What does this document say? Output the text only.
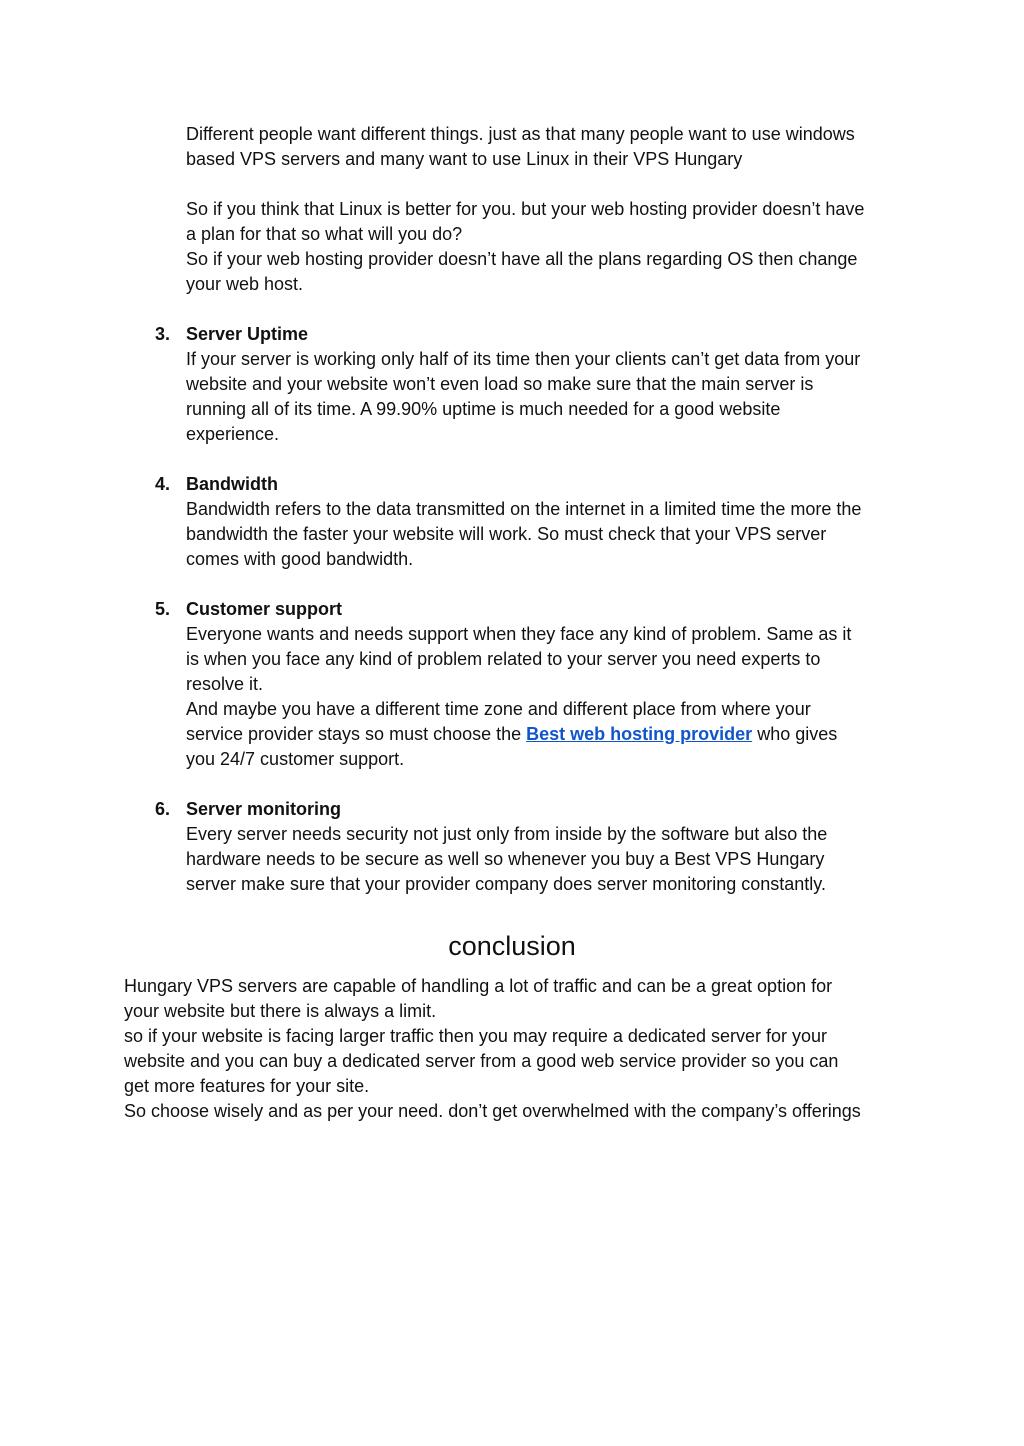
Different people want different things. just as that many people want to use windows
based VPS servers and many want to use Linux in their VPS Hungary
So if you think that Linux is better for you. but your web hosting provider doesn’t have
a plan for that so what will you do?
So if your web hosting provider doesn’t have all the plans regarding OS then change
your web host.
3. Server Uptime
If your server is working only half of its time then your clients can’t get data from your
website and your website won’t even load so make sure that the main server is
running all of its time. A 99.90% uptime is much needed for a good website
experience.
4. Bandwidth
Bandwidth refers to the data transmitted on the internet in a limited time the more the
bandwidth the faster your website will work. So must check that your VPS server
comes with good bandwidth.
5. Customer support
Everyone wants and needs support when they face any kind of problem. Same as it
is when you face any kind of problem related to your server you need experts to
resolve it.
And maybe you have a different time zone and different place from where your
service provider stays so must choose the Best web hosting provider who gives
you 24/7 customer support.
6. Server monitoring
Every server needs security not just only from inside by the software but also the
hardware needs to be secure as well so whenever you buy a Best VPS Hungary
server make sure that your provider company does server monitoring constantly.
conclusion
Hungary VPS servers are capable of handling a lot of traffic and can be a great option for
your website but there is always a limit.
so if your website is facing larger traffic then you may require a dedicated server for your
website and you can buy a dedicated server from a good web service provider so you can
get more features for your site.
So choose wisely and as per your need. don’t get overwhelmed with the company’s offerings
